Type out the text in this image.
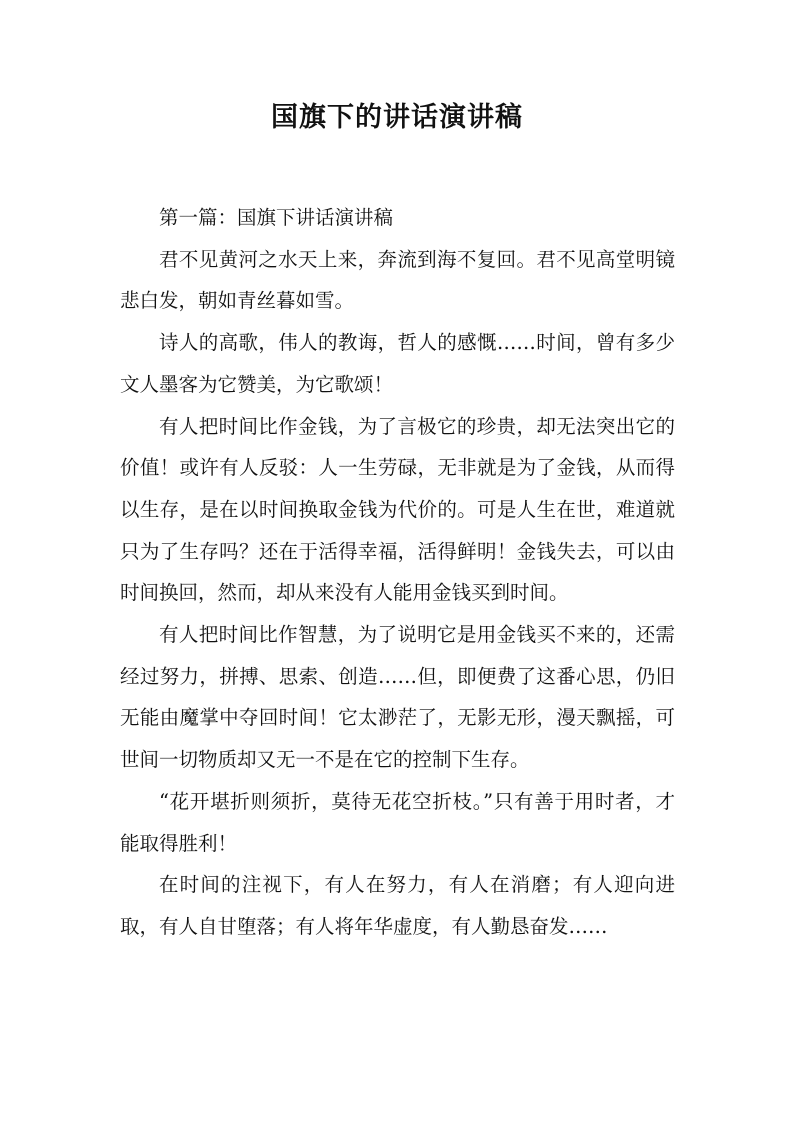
国旗下的讲话演讲稿

第一篇：国旗下讲话演讲稿

君不见黄河之水天上来，奔流到海不复回。君不见高堂明镜悲白发，朝如青丝暮如雪。

诗人的高歌，伟人的教诲，哲人的感慨……时间，曾有多少文人墨客为它赞美，为它歌颂！

有人把时间比作金钱，为了言极它的珍贵，却无法突出它的价值！或许有人反驳：人一生劳碌，无非就是为了金钱，从而得以生存，是在以时间换取金钱为代价的。可是人生在世，难道就只为了生存吗？还在于活得幸福，活得鲜明！金钱失去，可以由时间换回，然而，却从来没有人能用金钱买到时间。

有人把时间比作智慧，为了说明它是用金钱买不来的，还需经过努力，拼搏、思索、创造……但，即便费了这番心思，仍旧无能由魔掌中夺回时间！它太渺茫了，无影无形，漫天飘摇，可世间一切物质却又无一不是在它的控制下生存。

“花开堪折则须折，莫待无花空折枝。”只有善于用时者，才能取得胜利！

在时间的注视下，有人在努力，有人在消磨；有人迎向进取，有人自甘堕落；有人将年华虚度，有人勤恳奋发……
